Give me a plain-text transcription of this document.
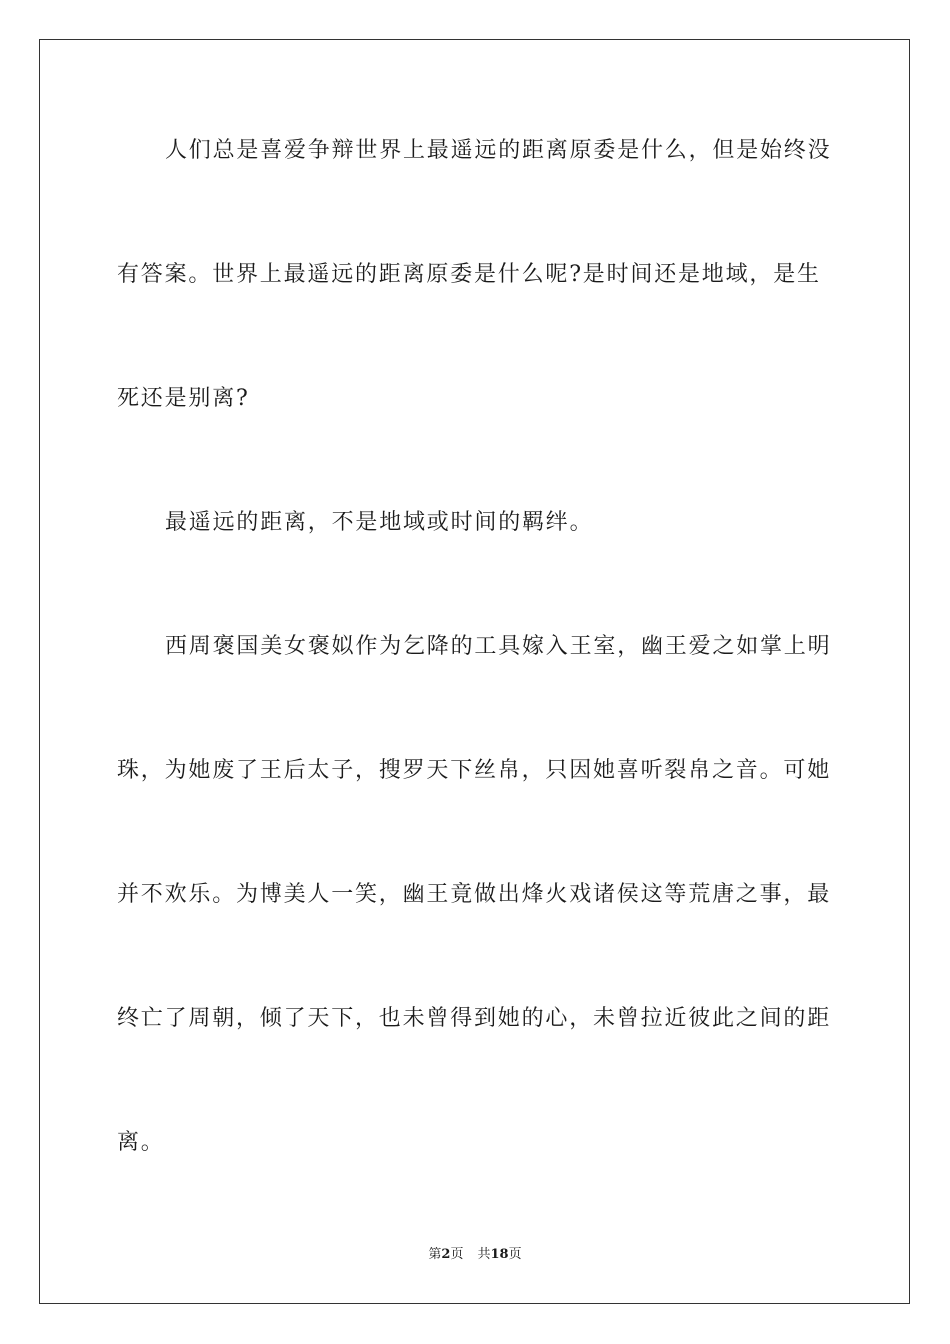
人们总是喜爱争辩世界上最遥远的距离原委是什么，但是始终没
有答案。世界上最遥远的距离原委是什么呢?是时间还是地域，是生
死还是别离?
最遥远的距离，不是地域或时间的羁绊。
西周褒国美女褒姒作为乞降的工具嫁入王室，幽王爱之如掌上明
珠，为她废了王后太子，搜罗天下丝帛，只因她喜听裂帛之音。可她
并不欢乐。为博美人一笑，幽王竟做出烽火戏诸侯这等荒唐之事，最
终亡了周朝，倾了天下，也未曾得到她的心，未曾拉近彼此之间的距
离。
第2页 共18页
